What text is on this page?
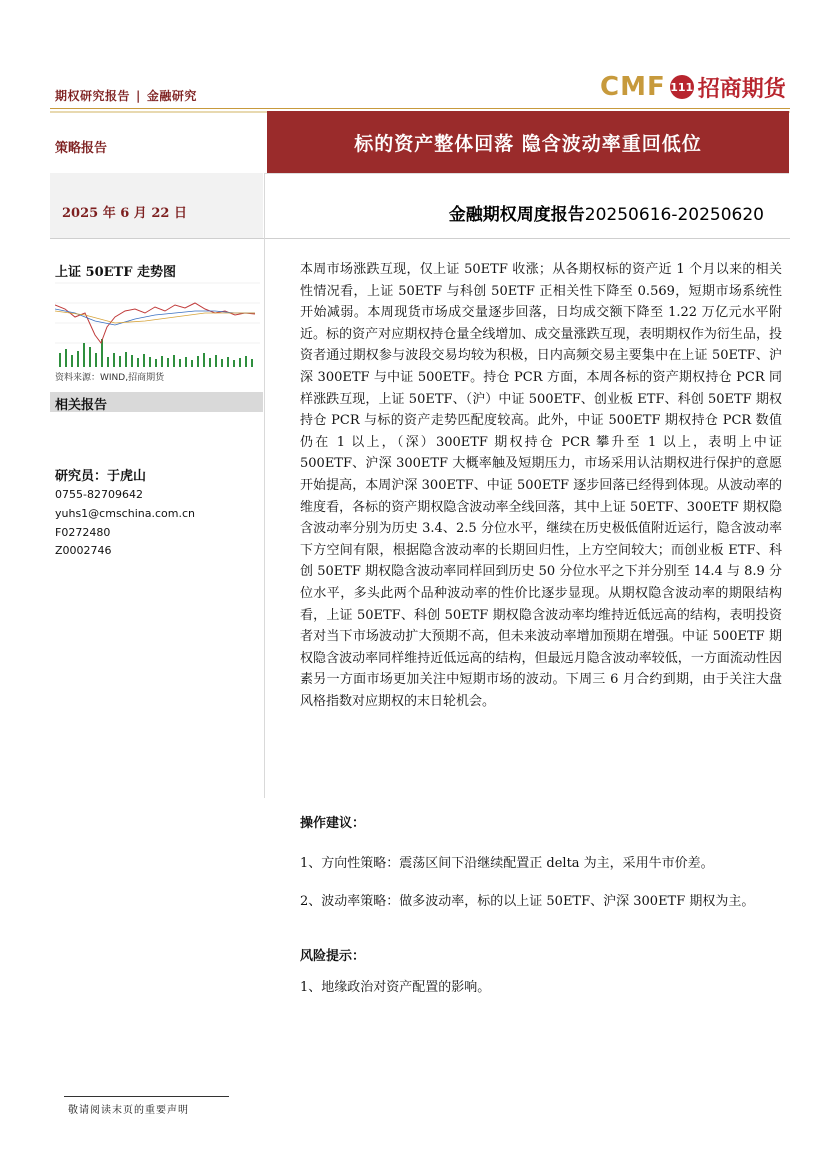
期权研究报告 | 金融研究	CMF 111 招商期货
策略报告	标的资产整体回落 隐含波动率重回低位
2025 年 6 月 22 日	金融期权周度报告20250616-20250620
上证 50ETF 走势图
资料来源：WIND,招商期货
相关报告
研究员：于虎山
0755-82709642
yuhs1@cmschina.com.cn
F0272480
Z0002746
本周市场涨跌互现，仅上证 50ETF 收涨；从各期权标的资产近 1 个月以来的相关性情况看，上证 50ETF 与科创 50ETF 正相关性下降至 0.569，短期市场系统性开始减弱。本周现货市场成交量逐步回落，日均成交额下降至 1.22 万亿元水平附近。标的资产对应期权持仓量全线增加、成交量涨跌互现，表明期权作为衍生品，投资者通过期权参与波段交易均较为积极，日内高频交易主要集中在上证 50ETF、沪深 300ETF 与中证 500ETF。持仓 PCR 方面，本周各标的资产期权持仓 PCR 同样涨跌互现，上证 50ETF、（沪）中证 500ETF、创业板 ETF、科创 50ETF 期权持仓 PCR 与标的资产走势匹配度较高。此外，中证 500ETF 期权持仓 PCR 数值仍在 1 以上，（深）300ETF 期权持仓 PCR 攀升至 1 以上，表明上中证 500ETF、沪深 300ETF 大概率触及短期压力，市场采用认沽期权进行保护的意愿开始提高，本周沪深 300ETF、中证 500ETF 逐步回落已经得到体现。从波动率的维度看，各标的资产期权隐含波动率全线回落，其中上证 50ETF、300ETF 期权隐含波动率分别为历史 3.4、2.5 分位水平，继续在历史极低值附近运行，隐含波动率下方空间有限，根据隐含波动率的长期回归性，上方空间较大；而创业板 ETF、科创 50ETF 期权隐含波动率同样回到历史 50 分位水平之下并分别至 14.4 与 8.9 分位水平，多头此两个品种波动率的性价比逐步显现。从期权隐含波动率的期限结构看，上证 50ETF、科创 50ETF 期权隐含波动率均维持近低远高的结构，表明投资者对当下市场波动扩大预期不高，但未来波动率增加预期在增强。中证 500ETF 期权隐含波动率同样维持近低远高的结构，但最远月隐含波动率较低，一方面流动性因素另一方面市场更加关注中短期市场的波动。下周三 6 月合约到期，由于关注大盘风格指数对应期权的末日轮机会。
操作建议：
1、方向性策略：震荡区间下沿继续配置正 delta 为主，采用牛市价差。
2、波动率策略：做多波动率，标的以上证 50ETF、沪深 300ETF 期权为主。
风险提示：
1、地缘政治对资产配置的影响。
敬请阅读末页的重要声明
